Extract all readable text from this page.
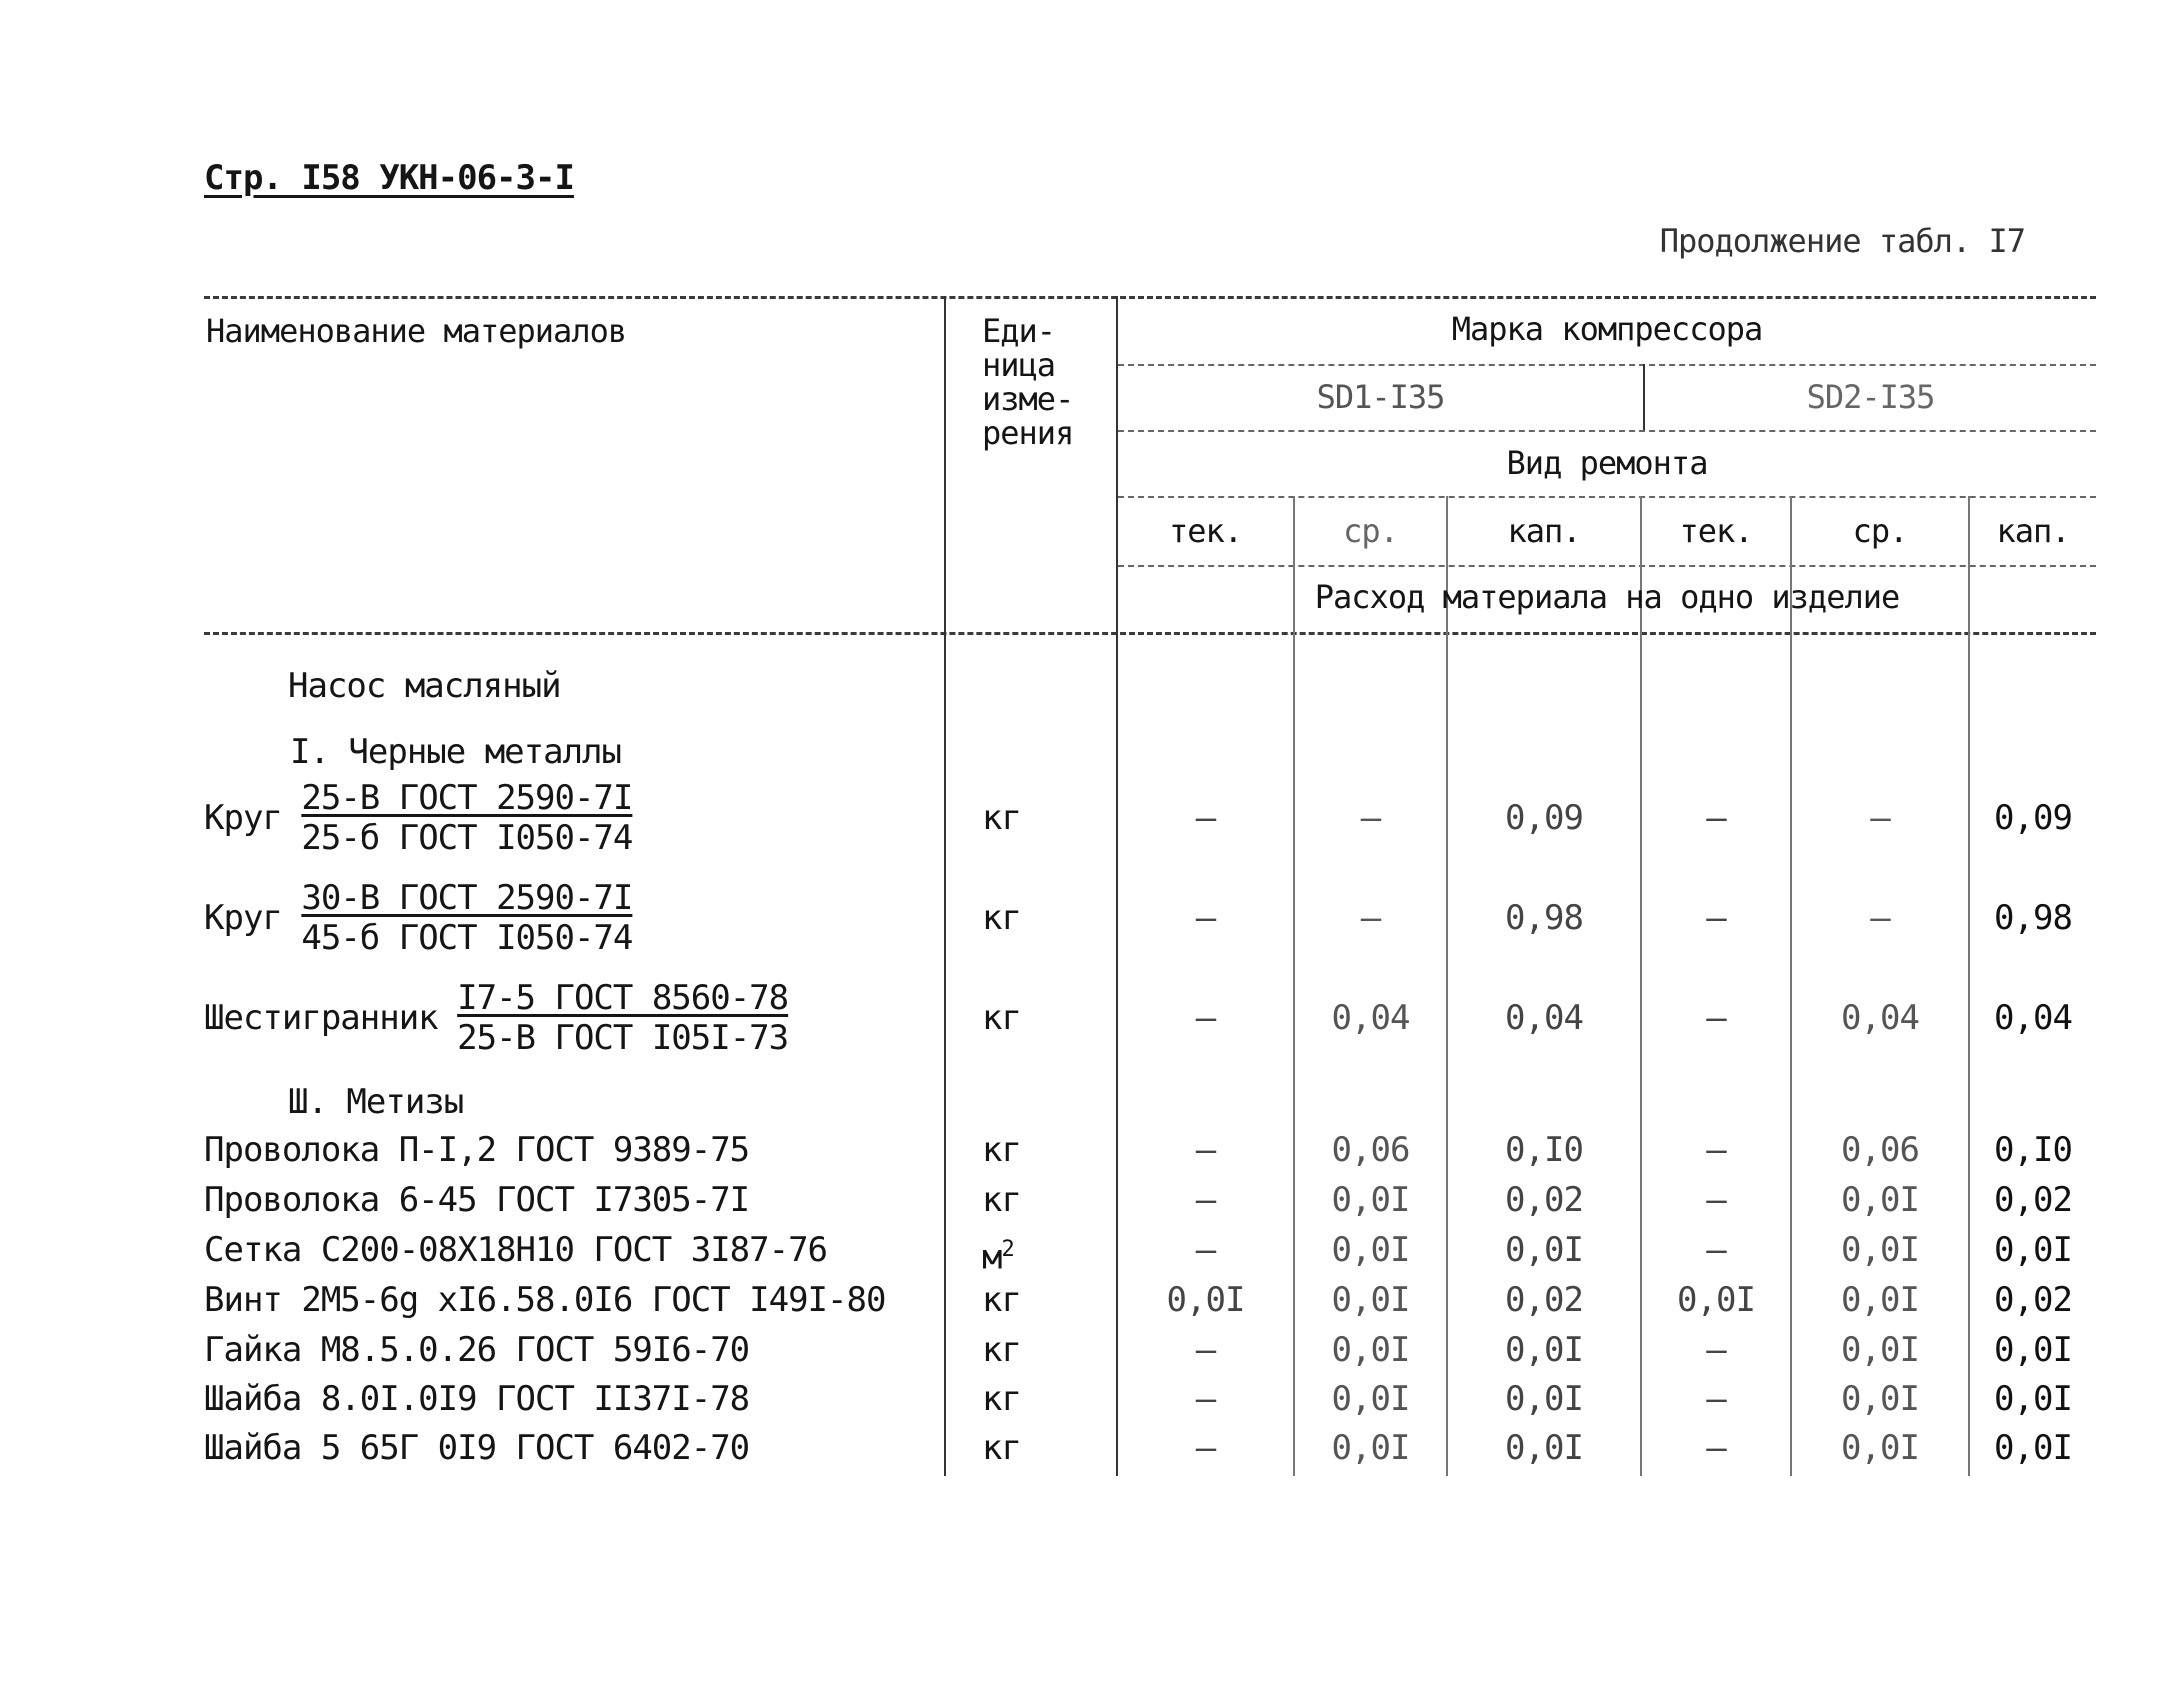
Стр. I58 УКН-06-3-I
Продолжение табл. I7
Наименование материалов	Еди-
ница
изме-
рения
Марка компрессора
SD1-I35	SD2-I35
Вид ремонта
тек.	ср.	кап.	тек.	ср.	кап.
Расход материала на одно изделие
Насос масляный
I. Черные металлы
Ш. Метизы
Круг $\frac{\text{25-В ГОСТ 2590-7I}}{\text{25-б ГОСТ I050-74}}$	кг	–	–	0,09	–	–	0,09
Круг $\frac{\text{30-В ГОСТ 2590-7I}}{\text{45-б ГОСТ I050-74}}$	кг	–	–	0,98	–	–	0,98
Шестигранник $\frac{\text{I7-5 ГОСТ 8560-78}}{\text{25-В ГОСТ I05I-73}}$	кг	–	0,04	0,04	–	0,04	0,04
Проволока П-I,2 ГОСТ 9389-75	кг	–	0,06	0,I0	–	0,06	0,I0
Проволока 6-45 ГОСТ I7305-7I	кг	–	0,0I	0,02	–	0,0I	0,02
Сетка С200-08Х18Н10 ГОСТ 3I87-76	$м^2$	–	0,0I	0,0I	–	0,0I	0,0I
Винт 2М5-6g хI6.58.0I6 ГОСТ I49I-80	кг	0,0I	0,0I	0,02	0,0I	0,0I	0,02
Гайка М8.5.0.26 ГОСТ 59I6-70	кг	–	0,0I	0,0I	–	0,0I	0,0I
Шайба 8.0I.0I9 ГОСТ II37I-78	кг	–	0,0I	0,0I	–	0,0I	0,0I
Шайба 5 65Г 0I9 ГОСТ 6402-70	кг	–	0,0I	0,0I	–	0,0I	0,0I
